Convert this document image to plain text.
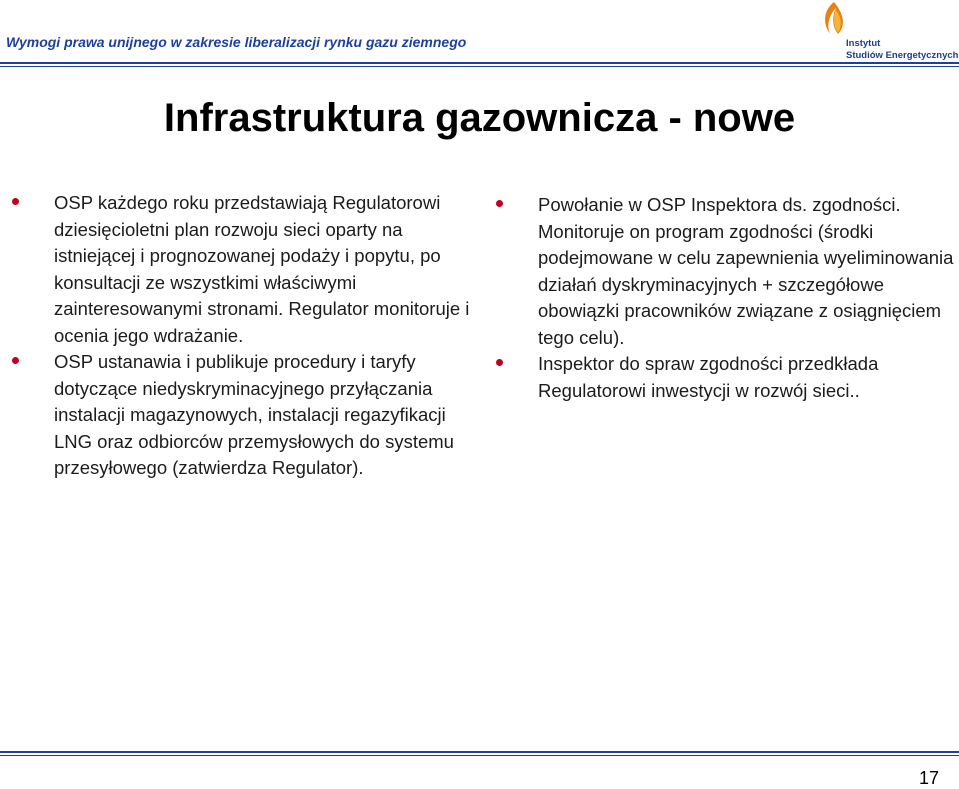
Wymogi prawa unijnego w zakresie liberalizacji rynku gazu ziemnego	Instytut
Studiów Energetycznych
Infrastruktura gazownicza - nowe
OSP każdego roku przedstawiają Regulatorowi dziesięcioletni plan rozwoju sieci oparty na istniejącej i prognozowanej podaży i popytu, po konsultacji ze wszystkimi właściwymi zainteresowanymi stronami. Regulator monitoruje i ocenia jego wdrażanie.
OSP ustanawia i publikuje procedury i taryfy dotyczące niedyskryminacyjnego przyłączania instalacji magazynowych, instalacji regazyfikacji LNG oraz odbiorców przemysłowych do systemu przesyłowego (zatwierdza Regulator).
Powołanie w OSP Inspektora ds. zgodności. Monitoruje on program zgodności (środki podejmowane w celu zapewnienia wyeliminowania działań dyskryminacyjnych + szczegółowe obowiązki pracowników związane z osiągnięciem tego celu).
Inspektor do spraw zgodności przedkłada Regulatorowi inwestycji w rozwój sieci..
17
